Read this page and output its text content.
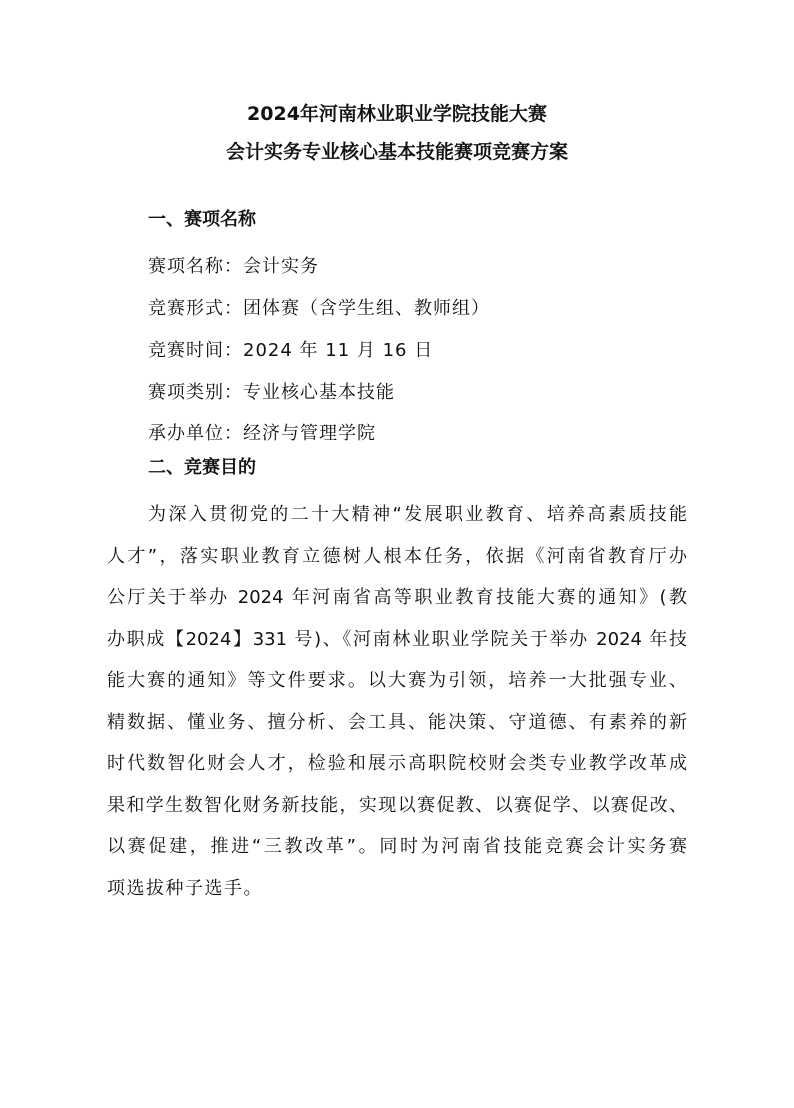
2024年河南林业职业学院技能大赛
会计实务专业核心基本技能赛项竞赛方案
一、赛项名称
赛项名称：会计实务
竞赛形式：团体赛（含学生组、教师组）
竞赛时间：2024 年 11 月 16 日
赛项类别：专业核心基本技能
承办单位：经济与管理学院
二、竞赛目的
为深入贯彻党的二十大精神“发展职业教育、培养高素质技能
人才”，落实职业教育立德树人根本任务，依据《河南省教育厅办
公厅关于举办 2024 年河南省高等职业教育技能大赛的通知》(教
办职成【2024】331 号)、《河南林业职业学院关于举办 2024 年技
能大赛的通知》等文件要求。以大赛为引领，培养一大批强专业、
精数据、懂业务、擅分析、会工具、能决策、守道德、有素养的新
时代数智化财会人才，检验和展示高职院校财会类专业教学改革成
果和学生数智化财务新技能，实现以赛促教、以赛促学、以赛促改、
以赛促建，推进“三教改革”。同时为河南省技能竞赛会计实务赛
项选拔种子选手。
